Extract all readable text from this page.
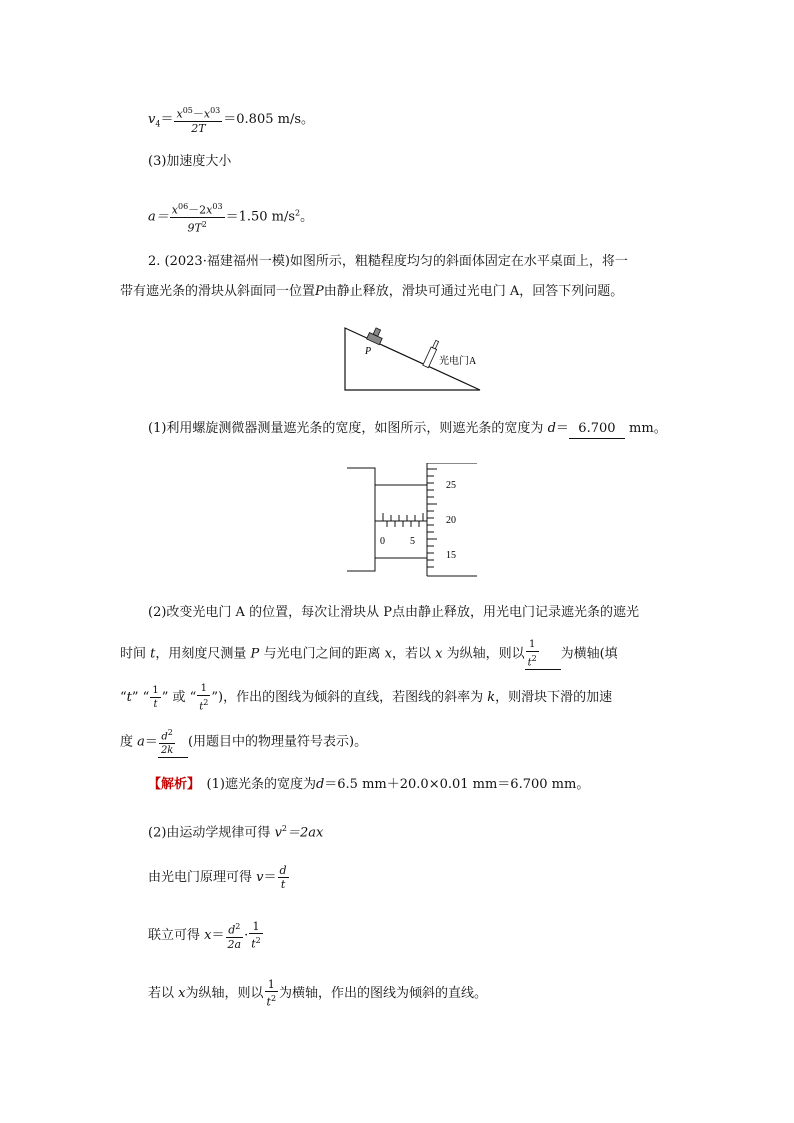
$v_4= \frac{x^{05}-x^{03}}{2T} =0.805$ m/s。
(3)加速度大小
$a= \frac{x^{06}-2x^{03}}{9T^2} =1.50$ $m/s^2$。
2. (2023·福建福州一模)如图所示，粗糙程度均匀的斜面体固定在水平桌面上，将一
带有遮光条的滑块从斜面同一位置P由静止释放，滑块可通过光电门 A，回答下列问题。
P
光电门A
(1)利用螺旋测微器测量遮光条的宽度，如图所示，则遮光条的宽度为 d＝ 6.700 mm。
0	5
25
20
15
(2)改变光电门 A 的位置，每次让滑块从 P点由静止释放，用光电门记录遮光条的遮光
时间 t，用刻度尺测量 P 与光电门之间的距离 x，若以 x 为纵轴，则以 $\frac{1}{t^2}$ 为横轴(填
“t” “ $\frac{1}{t}$ ” 或 “ $\frac{1}{t^2}$ ”)，作出的图线为倾斜的直线，若图线的斜率为 k，则滑块下滑的加速
度 $a= \frac{d^2}{2k}$ (用题目中的物理量符号表示)。
【解析】　 (1)遮光条的宽度为d＝6.5 mm＋20.0×0.01 mm＝6.700 mm。
(2)由运动学规律可得 $v^2=2ax$
由光电门原理可得 $v= \frac{d}{t}$
联立可得 $x= \frac{d^2}{2a} \cdot \frac{1}{t^2}$
若以 x为纵轴，则以 $\frac{1}{t^2}$ 为横轴，作出的图线为倾斜的直线。
